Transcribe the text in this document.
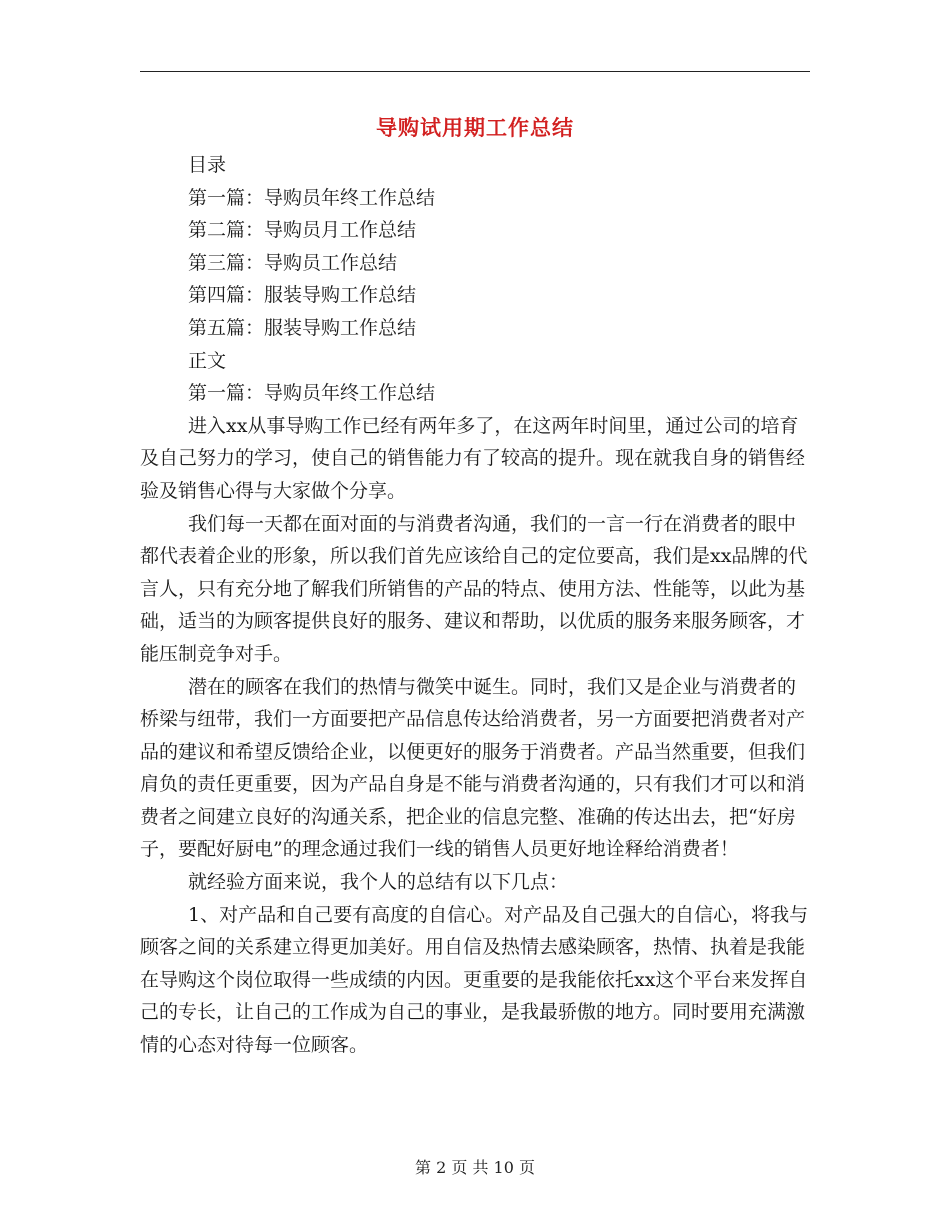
导购试用期工作总结

目录

第一篇：导购员年终工作总结

第二篇：导购员月工作总结

第三篇：导购员工作总结

第四篇：服装导购工作总结

第五篇：服装导购工作总结

正文

第一篇：导购员年终工作总结

进入xx从事导购工作已经有两年多了，在这两年时间里，通过公司的培育及自己努力的学习，使自己的销售能力有了较高的提升。现在就我自身的销售经验及销售心得与大家做个分享。

我们每一天都在面对面的与消费者沟通，我们的一言一行在消费者的眼中都代表着企业的形象，所以我们首先应该给自己的定位要高，我们是xx品牌的代言人，只有充分地了解我们所销售的产品的特点、使用方法、性能等，以此为基础，适当的为顾客提供良好的服务、建议和帮助，以优质的服务来服务顾客，才能压制竞争对手。

潜在的顾客在我们的热情与微笑中诞生。同时，我们又是企业与消费者的桥梁与纽带，我们一方面要把产品信息传达给消费者，另一方面要把消费者对产品的建议和希望反馈给企业，以便更好的服务于消费者。产品当然重要，但我们肩负的责任更重要，因为产品自身是不能与消费者沟通的，只有我们才可以和消费者之间建立良好的沟通关系，把企业的信息完整、准确的传达出去，把“好房子，要配好厨电”的理念通过我们一线的销售人员更好地诠释给消费者！

就经验方面来说，我个人的总结有以下几点：

1、对产品和自己要有高度的自信心。对产品及自己强大的自信心，将我与顾客之间的关系建立得更加美好。用自信及热情去感染顾客，热情、执着是我能在导购这个岗位取得一些成绩的内因。更重要的是我能依托xx这个平台来发挥自己的专长，让自己的工作成为自己的事业，是我最骄傲的地方。同时要用充满激情的心态对待每一位顾客。

第 2 页 共 10 页
